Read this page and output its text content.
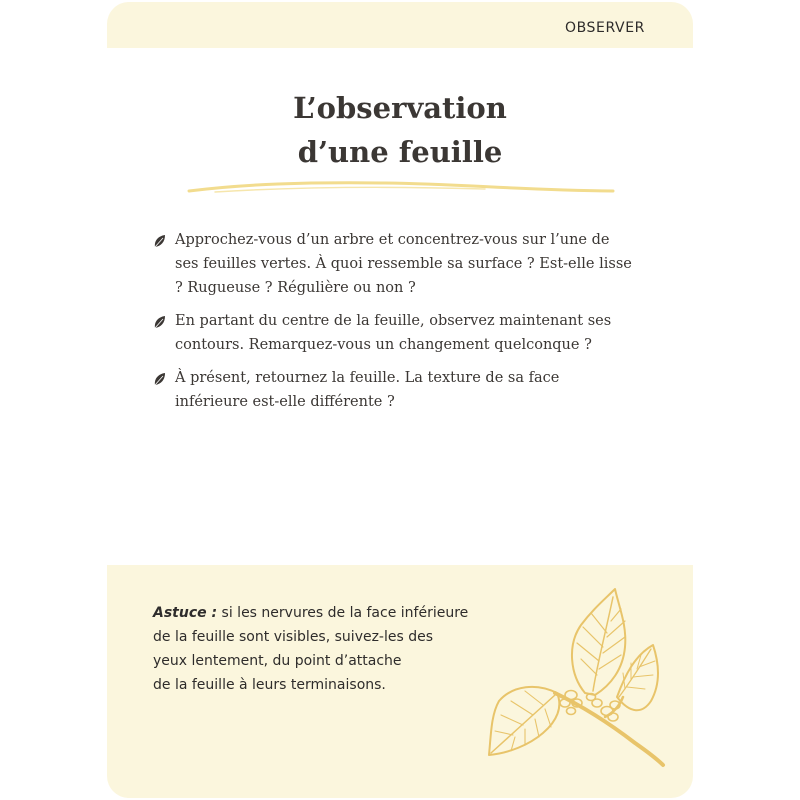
OBSERVER
L’observation
d’une feuille
Approchez-vous d’un arbre et concentrez-vous sur l’une de ses feuilles vertes. À quoi ressemble sa surface ? Est-elle lisse ? Rugueuse ? Régulière ou non ?
En partant du centre de la feuille, observez maintenant ses contours. Remarquez-vous un changement quelconque ?
À présent, retournez la feuille. La texture de sa face inférieure est-elle différente ?
Astuce : si les nervures de la face inférieure
de la feuille sont visibles, suivez-les des
yeux lentement, du point d’attache
de la feuille à leurs terminaisons.
